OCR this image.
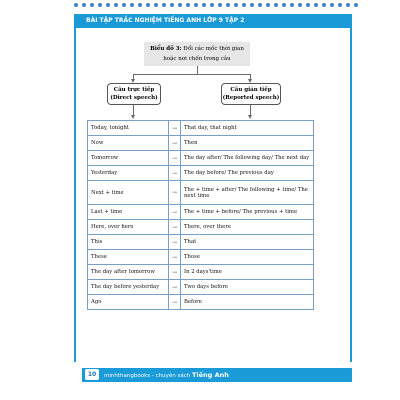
BÀI TẬP TRẮC NGHIỆM TIẾNG ANH LỚP 9 TẬP 2
Biểu đồ 3: Đổi các mốc thời gian hoặc nơi chốn trong câu
Câu trực tiếp
(Direct speech)
Câu gián tiếp
(Reported speech)
Today, tonight	→	That day, that night
Now	→	Then
Tomorrow	→	The day after/ The following day/ The next day
Yesterday	→	The day before/ The previous day
Next + time	→	The + time + after/ The following + time/ The next time
Last + time	→	The + time + before/ The previous + time
Here, over here	→	There, over there
This	→	That
These	→	Those
The day after tomorrow	→	In 2 days'time
The day before yesterday	→	Two days before
Ago	→	Before
10	minhthangbooks - chuyên sách Tiếng Anh
